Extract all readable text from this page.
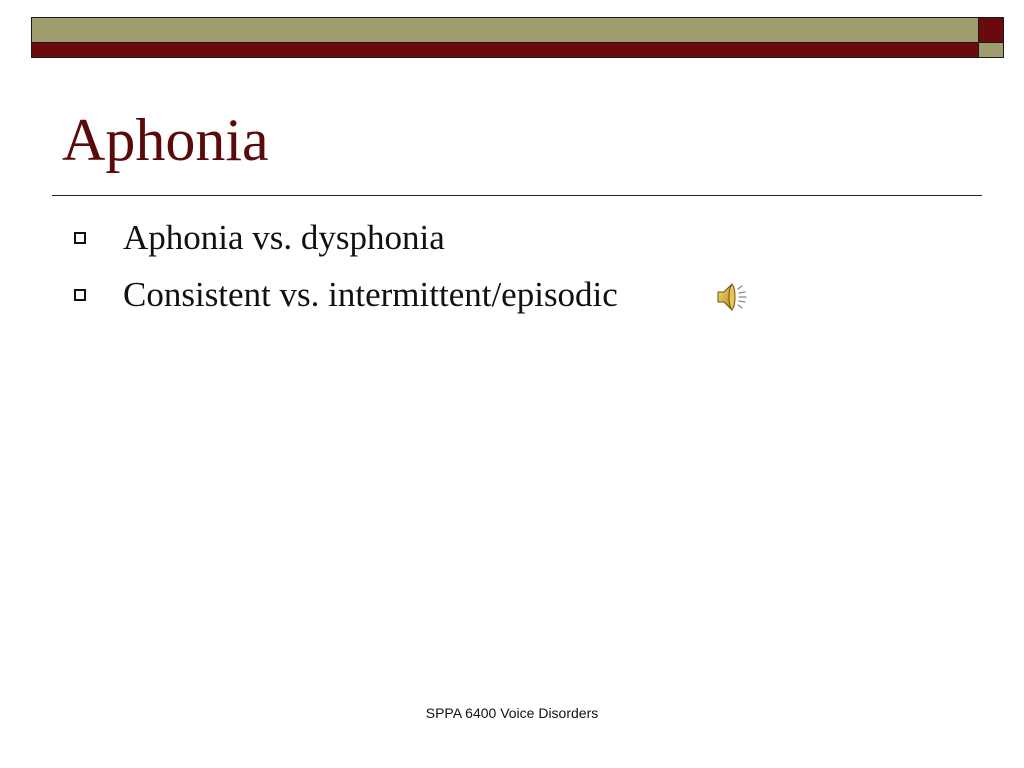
Aphonia
Aphonia vs. dysphonia
Consistent vs. intermittent/episodic
SPPA 6400 Voice Disorders
